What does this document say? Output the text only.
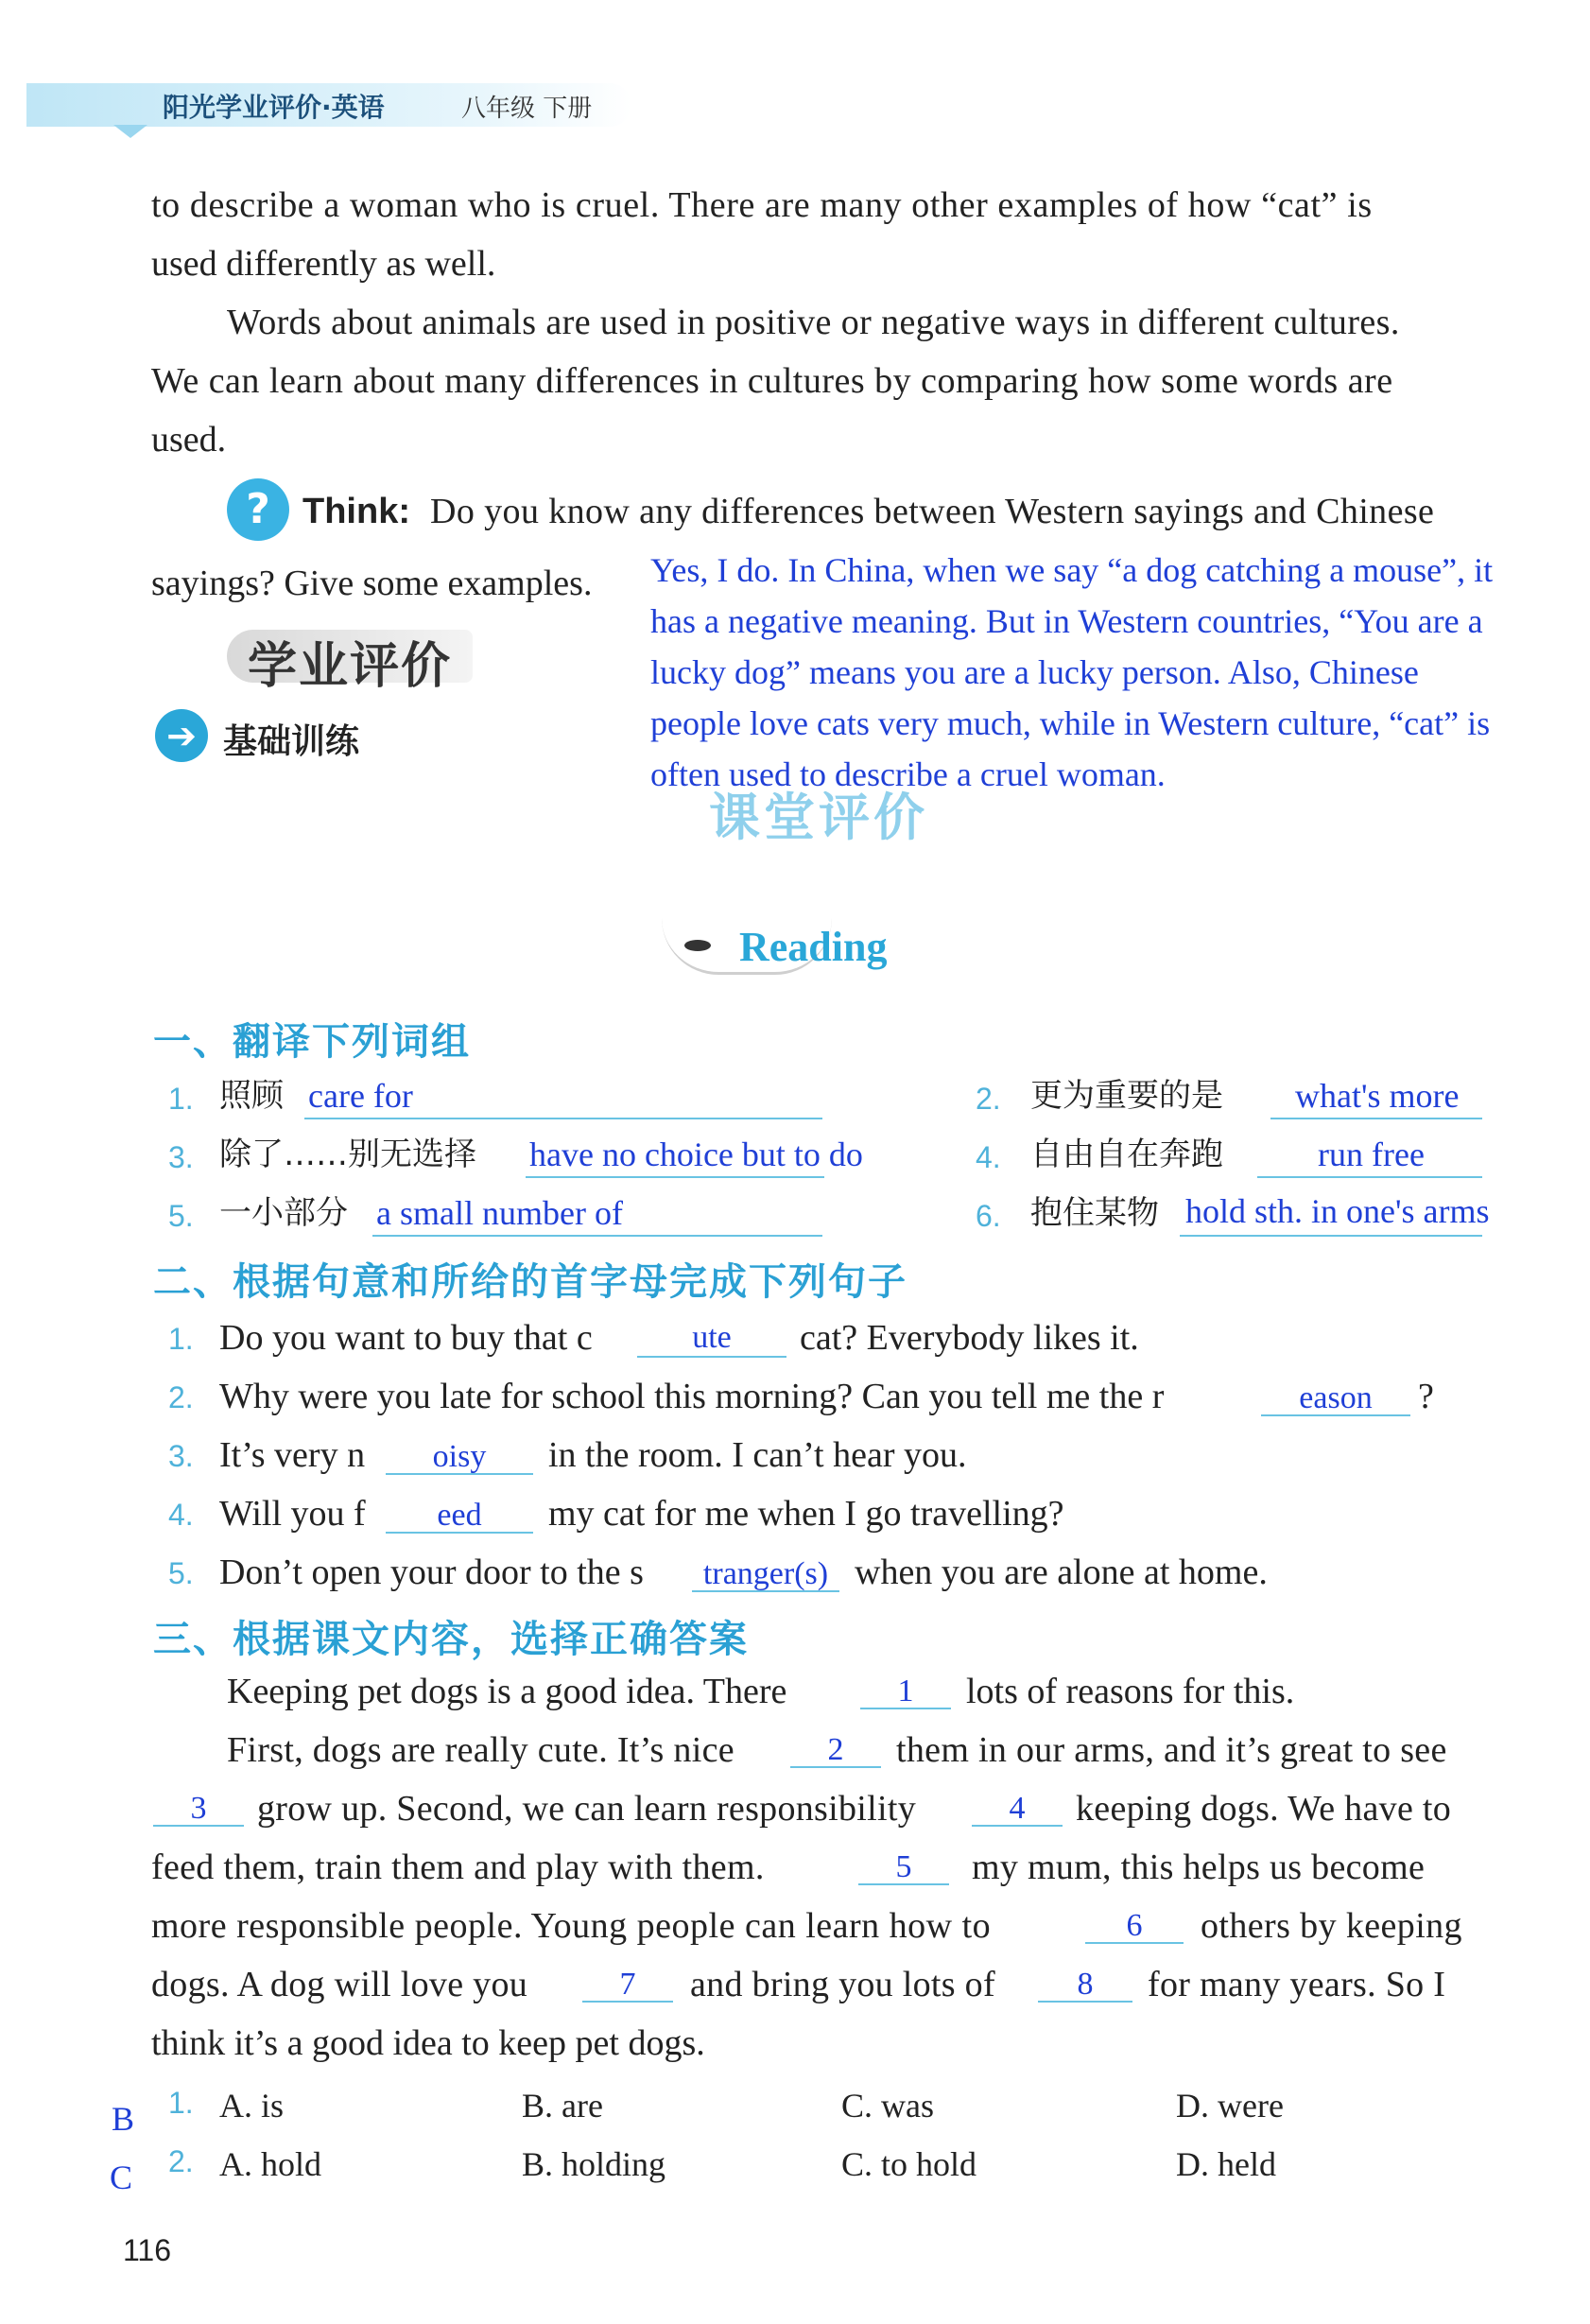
阳光学业评价·英语	八年级 下册
to describe a woman who is cruel. There are many other examples of how “cat” is
used differently as well.
Words about animals are used in positive or negative ways in different cultures.
We can learn about many differences in cultures by comparing how some words are
used.
? Think: Do you know any differences between Western sayings and Chinese
sayings? Give some examples. Yes, I do. In China, when we say “a dog catching a mouse”, it
has a negative meaning. But in Western countries, “You are a
lucky dog” means you are a lucky person. Also, Chinese
people love cats very much, while in Western culture, “cat” is
often used to describe a cruel woman.
学业评价
➔ 基础训练
课堂评价
Reading
一、翻译下列词组
1. 照顾 care for	2. 更为重要的是 what's more
3. 除了……别无选择 have no choice but to do	4. 自由自在奔跑	run free
5. 一小部分 a small number of	6. 抱住某物 hold sth. in one's arms
二、根据句意和所给的首字母完成下列句子
1. Do you want to buy that c	ute	cat? Everybody likes it.
2. Why were you late for school this morning? Can you tell me the r	eason	?
3. It’s very n	oisy	in the room. I can’t hear you.
4. Will you f	eed	my cat for me when I go travelling?
5. Don’t open your door to the s	tranger(s) when you are alone at home.
三、根据课文内容，选择正确答案
Keeping pet dogs is a good idea. There	1	lots of reasons for this.
First, dogs are really cute. It’s nice	2	them in our arms, and it’s great to see
3	grow up. Second, we can learn responsibility	4	keeping dogs. We have to
feed them, train them and play with them.	5	my mum, this helps us become
more responsible people. Young people can learn how to	6	others by keeping
dogs. A dog will love you	7	and bring you lots of	8	for many years. So I
think it’s a good idea to keep pet dogs.
B 1. A. is	B. are	C. was	D. were
C 2. A. hold	B. holding	C. to hold	D. held
116
